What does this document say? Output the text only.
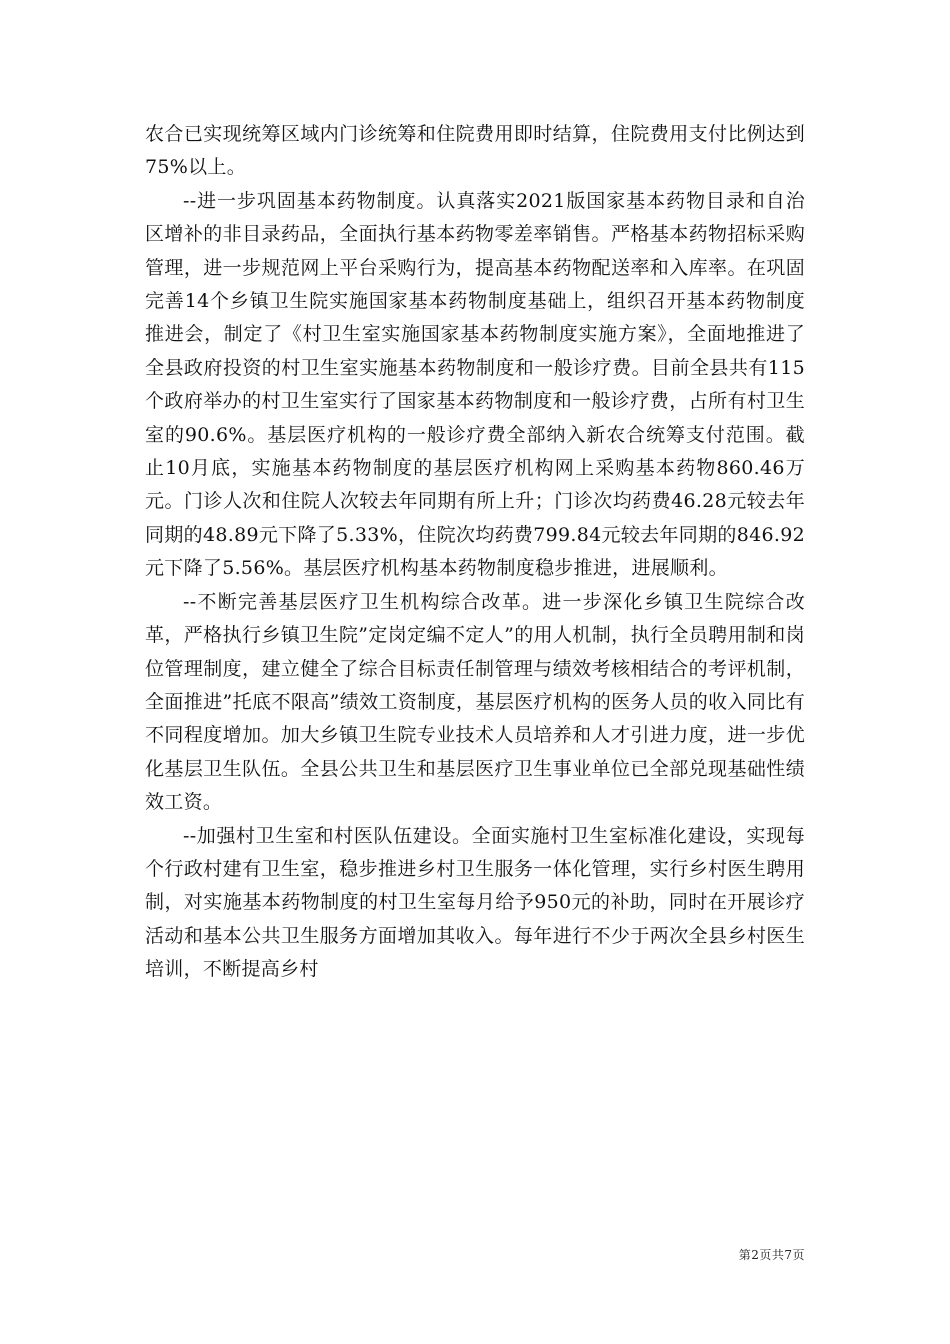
农合已实现统筹区域内门诊统筹和住院费用即时结算，住院费用支付比例达到75%以上。

--进一步巩固基本药物制度。认真落实2021版国家基本药物目录和自治区增补的非目录药品，全面执行基本药物零差率销售。严格基本药物招标采购管理，进一步规范网上平台采购行为，提高基本药物配送率和入库率。在巩固完善14个乡镇卫生院实施国家基本药物制度基础上，组织召开基本药物制度推进会，制定了《村卫生室实施国家基本药物制度实施方案》，全面地推进了全县政府投资的村卫生室实施基本药物制度和一般诊疗费。目前全县共有115个政府举办的村卫生室实行了国家基本药物制度和一般诊疗费，占所有村卫生室的90.6%。基层医疗机构的一般诊疗费全部纳入新农合统筹支付范围。截止10月底，实施基本药物制度的基层医疗机构网上采购基本药物860.46万元。门诊人次和住院人次较去年同期有所上升；门诊次均药费46.28元较去年同期的48.89元下降了5.33%，住院次均药费799.84元较去年同期的846.92元下降了5.56%。基层医疗机构基本药物制度稳步推进，进展顺利。

--不断完善基层医疗卫生机构综合改革。进一步深化乡镇卫生院综合改革，严格执行乡镇卫生院”定岗定编不定人”的用人机制，执行全员聘用制和岗位管理制度，建立健全了综合目标责任制管理与绩效考核相结合的考评机制，全面推进”托底不限高”绩效工资制度，基层医疗机构的医务人员的收入同比有不同程度增加。加大乡镇卫生院专业技术人员培养和人才引进力度，进一步优化基层卫生队伍。全县公共卫生和基层医疗卫生事业单位已全部兑现基础性绩效工资。

--加强村卫生室和村医队伍建设。全面实施村卫生室标准化建设，实现每个行政村建有卫生室，稳步推进乡村卫生服务一体化管理，实行乡村医生聘用制，对实施基本药物制度的村卫生室每月给予950元的补助，同时在开展诊疗活动和基本公共卫生服务方面增加其收入。每年进行不少于两次全县乡村医生培训，不断提高乡村

第2页共7页
